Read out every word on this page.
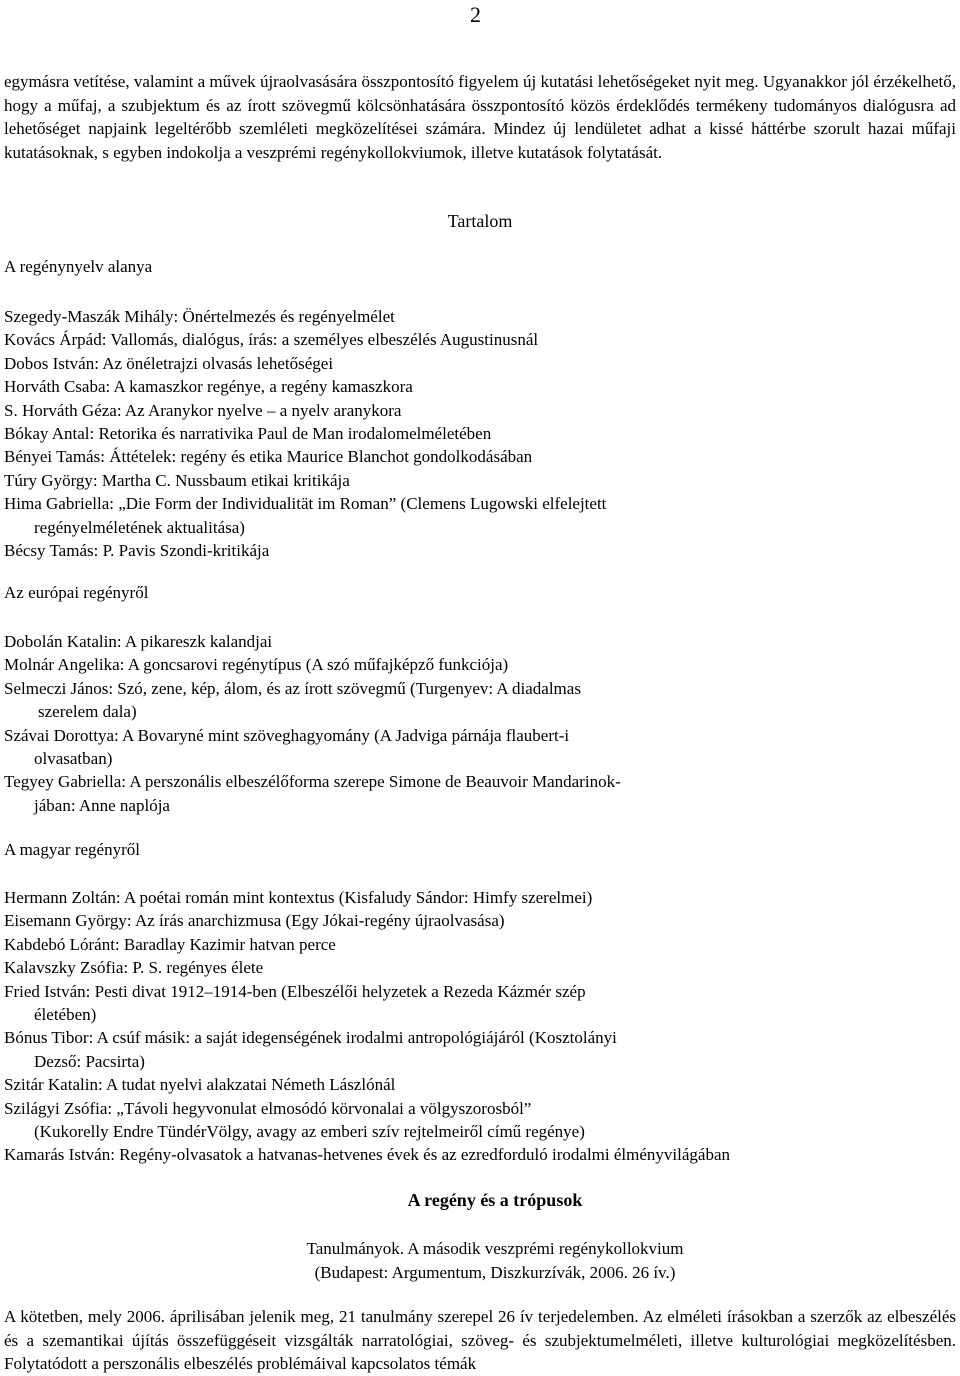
2
egymásra vetítése, valamint a művek újraolvasására összpontosító figyelem új kutatási lehetőségeket nyit meg. Ugyanakkor jól érzékelhető, hogy a műfaj, a szubjektum és az írott szövegmű kölcsönhatására összpontosító közös érdeklődés termékeny tudományos dialógusra ad lehetőséget napjaink legeltérőbb szemléleti megközelítései számára. Mindez új lendületet adhat a kissé háttérbe szorult hazai műfaji kutatásoknak, s egyben indokolja a veszprémi regénykollokviumok, illetve kutatások folytatását.
Tartalom
A regénynyelv alanya
Szegedy-Maszák Mihály: Önértelmezés és regényelmélet
Kovács Árpád: Vallomás, dialógus, írás: a személyes elbeszélés Augustinusnál
Dobos István: Az önéletrajzi olvasás lehetőségei
Horváth Csaba: A kamaszkor regénye, a regény kamaszkora
S. Horváth Géza: Az Aranykor nyelve – a nyelv aranykora
Bókay Antal: Retorika és narrativika Paul de Man irodalomelméletében
Bényei Tamás: Áttételek: regény és etika Maurice Blanchot gondolkodásában
Túry György: Martha C. Nussbaum etikai kritikája
Hima Gabriella: „Die Form der Individualität im Roman” (Clemens Lugowski elfelejtett
regényelméletének aktualitása)
Bécsy Tamás: P. Pavis Szondi-kritikája
Az európai regényről
Dobolán Katalin: A pikareszk kalandjai
Molnár Angelika: A goncsarovi regénytípus (A szó műfajképző funkciója)
Selmeczi János: Szó, zene, kép, álom, és az írott szövegmű (Turgenyev: A diadalmas
szerelem dala)
Szávai Dorottya: A Bovaryné mint szöveghagyomány (A Jadviga párnája flaubert-i
olvasatban)
Tegyey Gabriella: A perszonális elbeszélőforma szerepe Simone de Beauvoir Mandarinok-
jában: Anne naplója
A magyar regényről
Hermann Zoltán: A poétai román mint kontextus (Kisfaludy Sándor: Himfy szerelmei)
Eisemann György: Az írás anarchizmusa (Egy Jókai-regény újraolvasása)
Kabdebó Lóránt: Baradlay Kazimir hatvan perce
Kalavszky Zsófia: P. S. regényes élete
Fried István: Pesti divat 1912–1914-ben (Elbeszélői helyzetek a Rezeda Kázmér szép
életében)
Bónus Tibor: A csúf másik: a saját idegenségének irodalmi antropológiájáról (Kosztolányi
Dezső: Pacsirta)
Szitár Katalin: A tudat nyelvi alakzatai Németh Lászlónál
Szilágyi Zsófia: „Távoli hegyvonulat elmosódó körvonalai a völgyszorosból”
(Kukorelly Endre TündérVölgy, avagy az emberi szív rejtelmeiről című regénye)
Kamarás István: Regény-olvasatok a hatvanas-hetvenes évek és az ezredforduló irodalmi élményvilágában
A regény és a trópusok
Tanulmányok. A második veszprémi regénykollokvium
(Budapest: Argumentum, Diszkurzívák, 2006. 26 ív.)
A kötetben, mely 2006. áprilisában jelenik meg, 21 tanulmány szerepel 26 ív terjedelemben. Az elméleti írásokban a szerzők az elbeszélés és a szemantikai újítás összefüggéseit vizsgálták narratológiai, szöveg- és szubjektumelméleti, illetve kulturológiai megközelítésben. Folytatódott a perszonális elbeszélés problémáival kapcsolatos témák
